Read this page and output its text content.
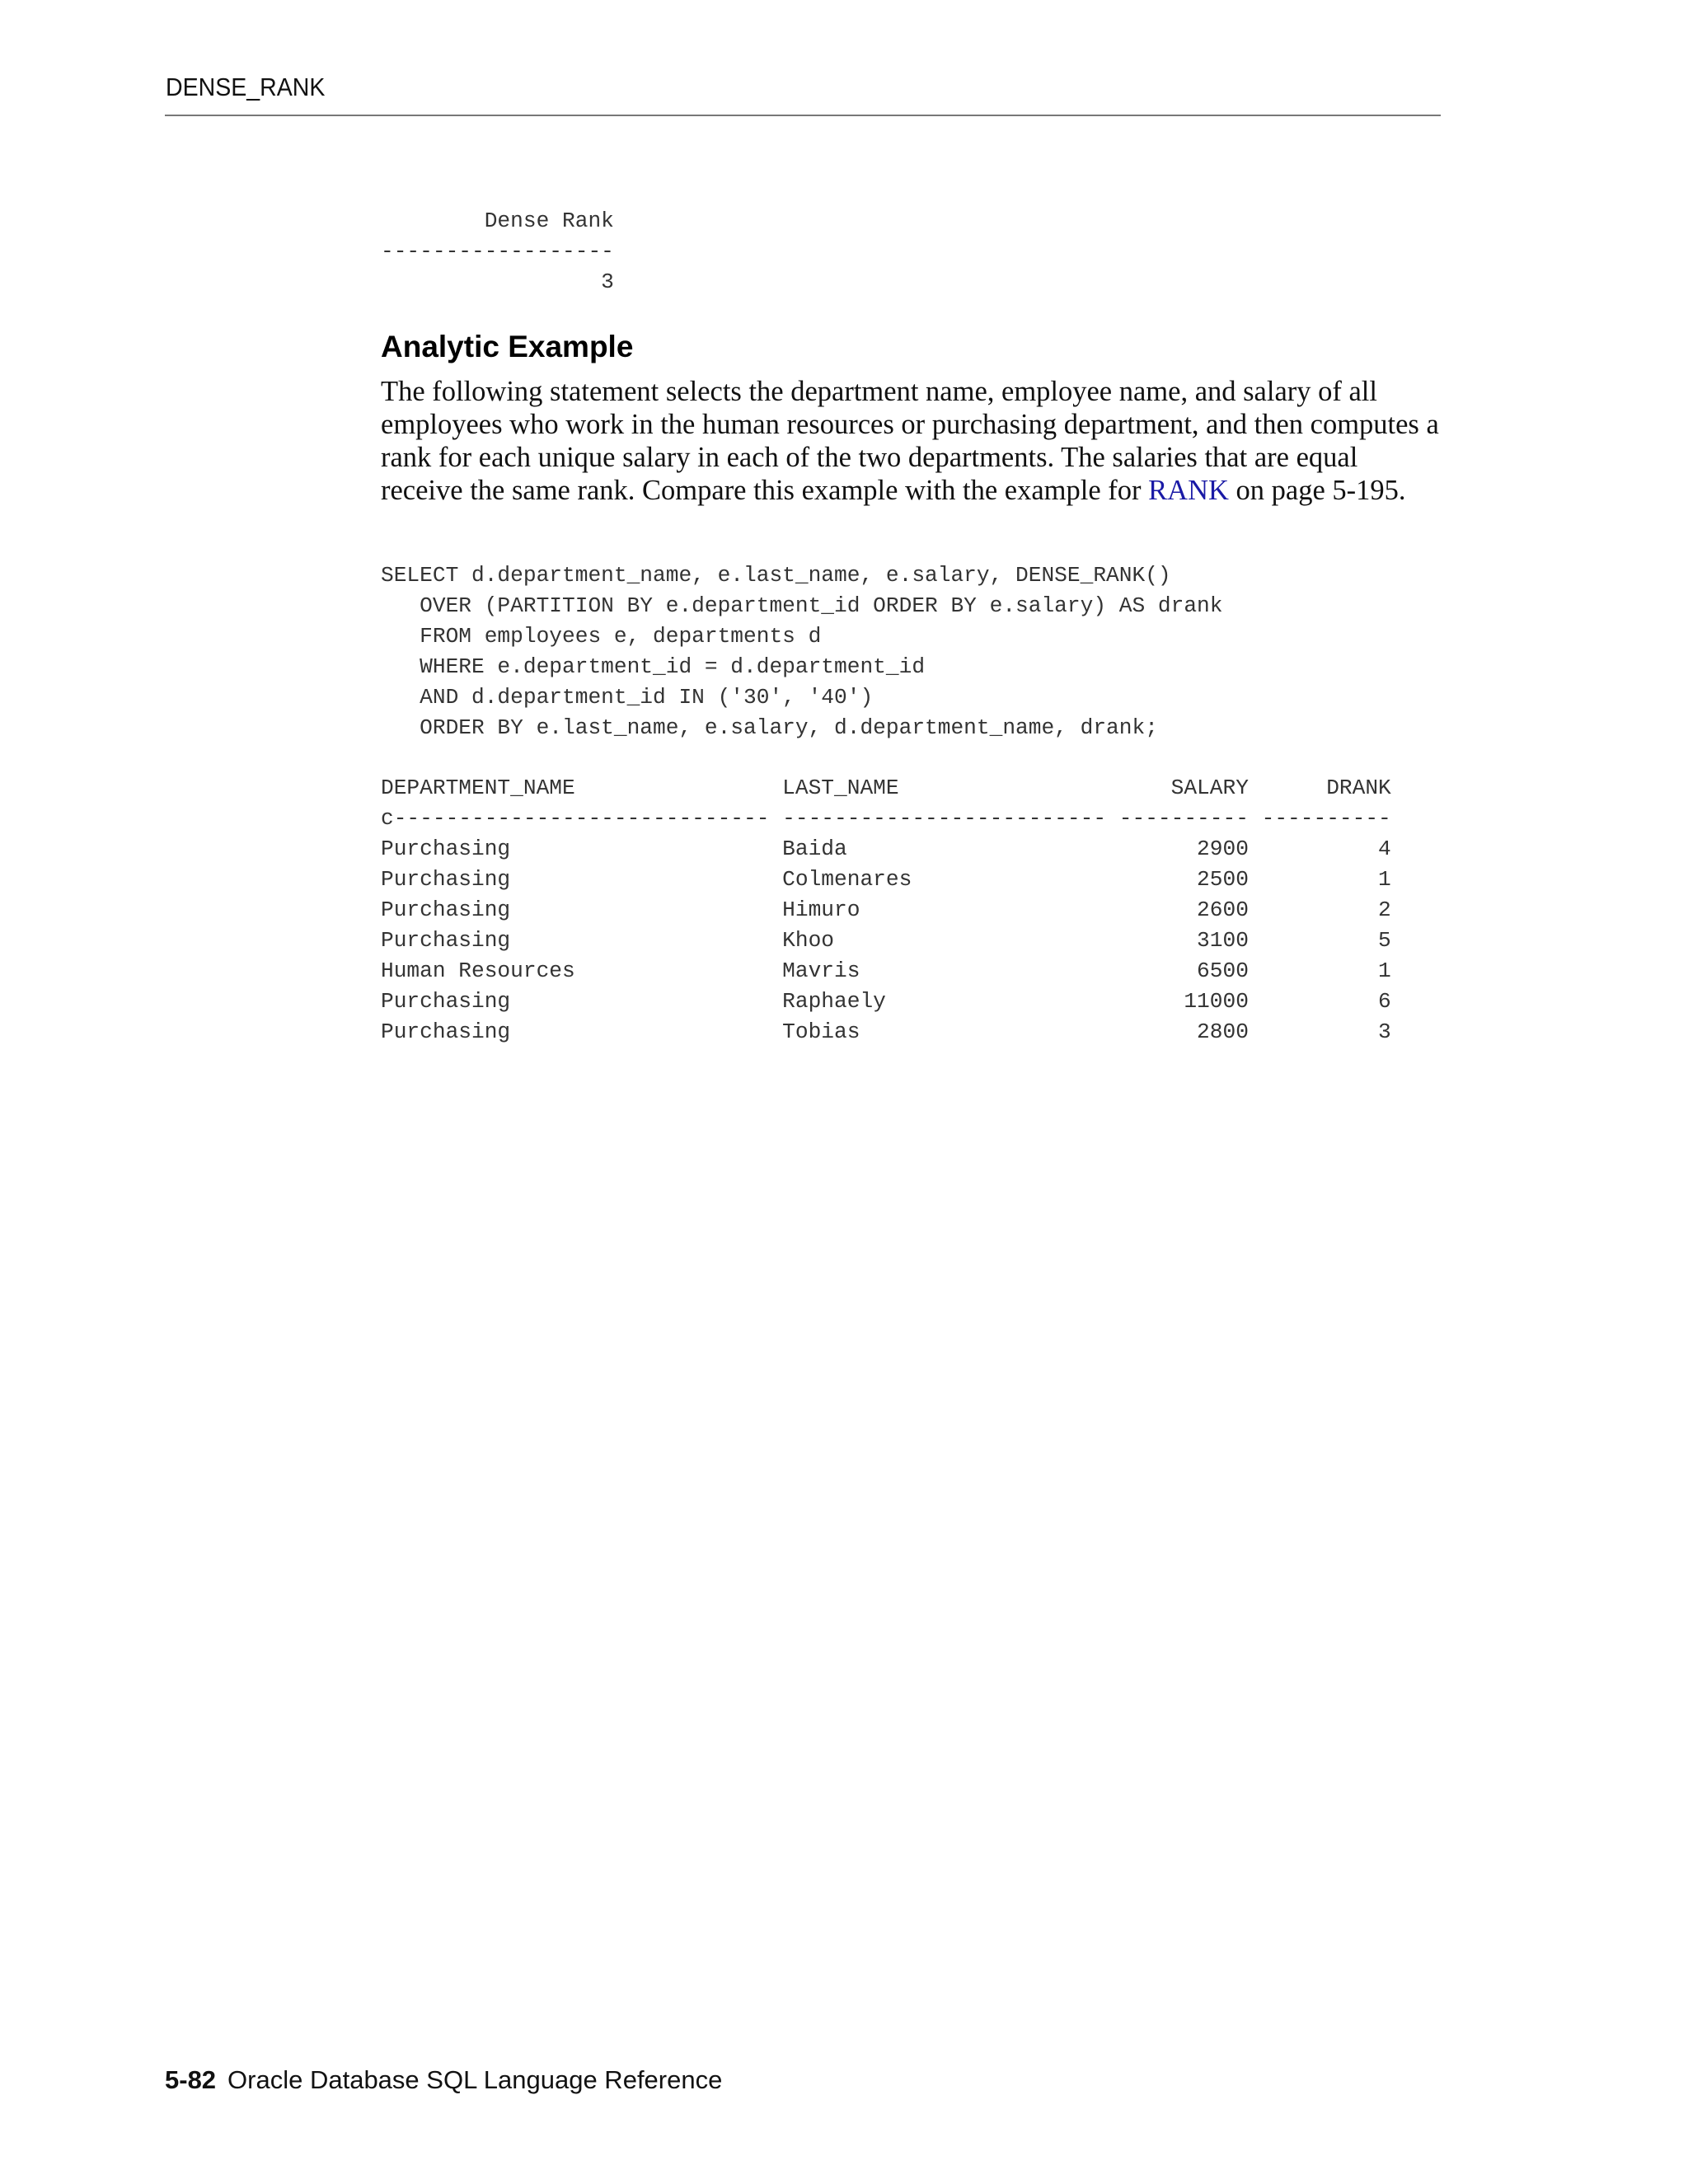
DENSE_RANK
Dense Rank
------------------
3
Analytic Example

The following statement selects the department name, employee name, and salary of all employees who work in the human resources or purchasing department, and then computes a rank for each unique salary in each of the two departments. The salaries that are equal receive the same rank. Compare this example with the example for RANK on page 5-195.

SELECT d.department_name, e.last_name, e.salary, DENSE_RANK()
OVER (PARTITION BY e.department_id ORDER BY e.salary) AS drank
FROM employees e, departments d
WHERE e.department_id = d.department_id
AND d.department_id IN ('30', '40')
ORDER BY e.last_name, e.salary, d.department_name, drank;
DEPARTMENT_NAME                LAST_NAME                     SALARY      DRANK
c----------------------------- ------------------------- ---------- ----------
Purchasing                     Baida                           2900          4
Purchasing                     Colmenares                      2500          1
Purchasing                     Himuro                          2600          2
Purchasing                     Khoo                            3100          5
Human Resources                Mavris                          6500          1
Purchasing                     Raphaely                       11000          6
Purchasing                     Tobias                          2800          3
5-82 Oracle Database SQL Language Reference
